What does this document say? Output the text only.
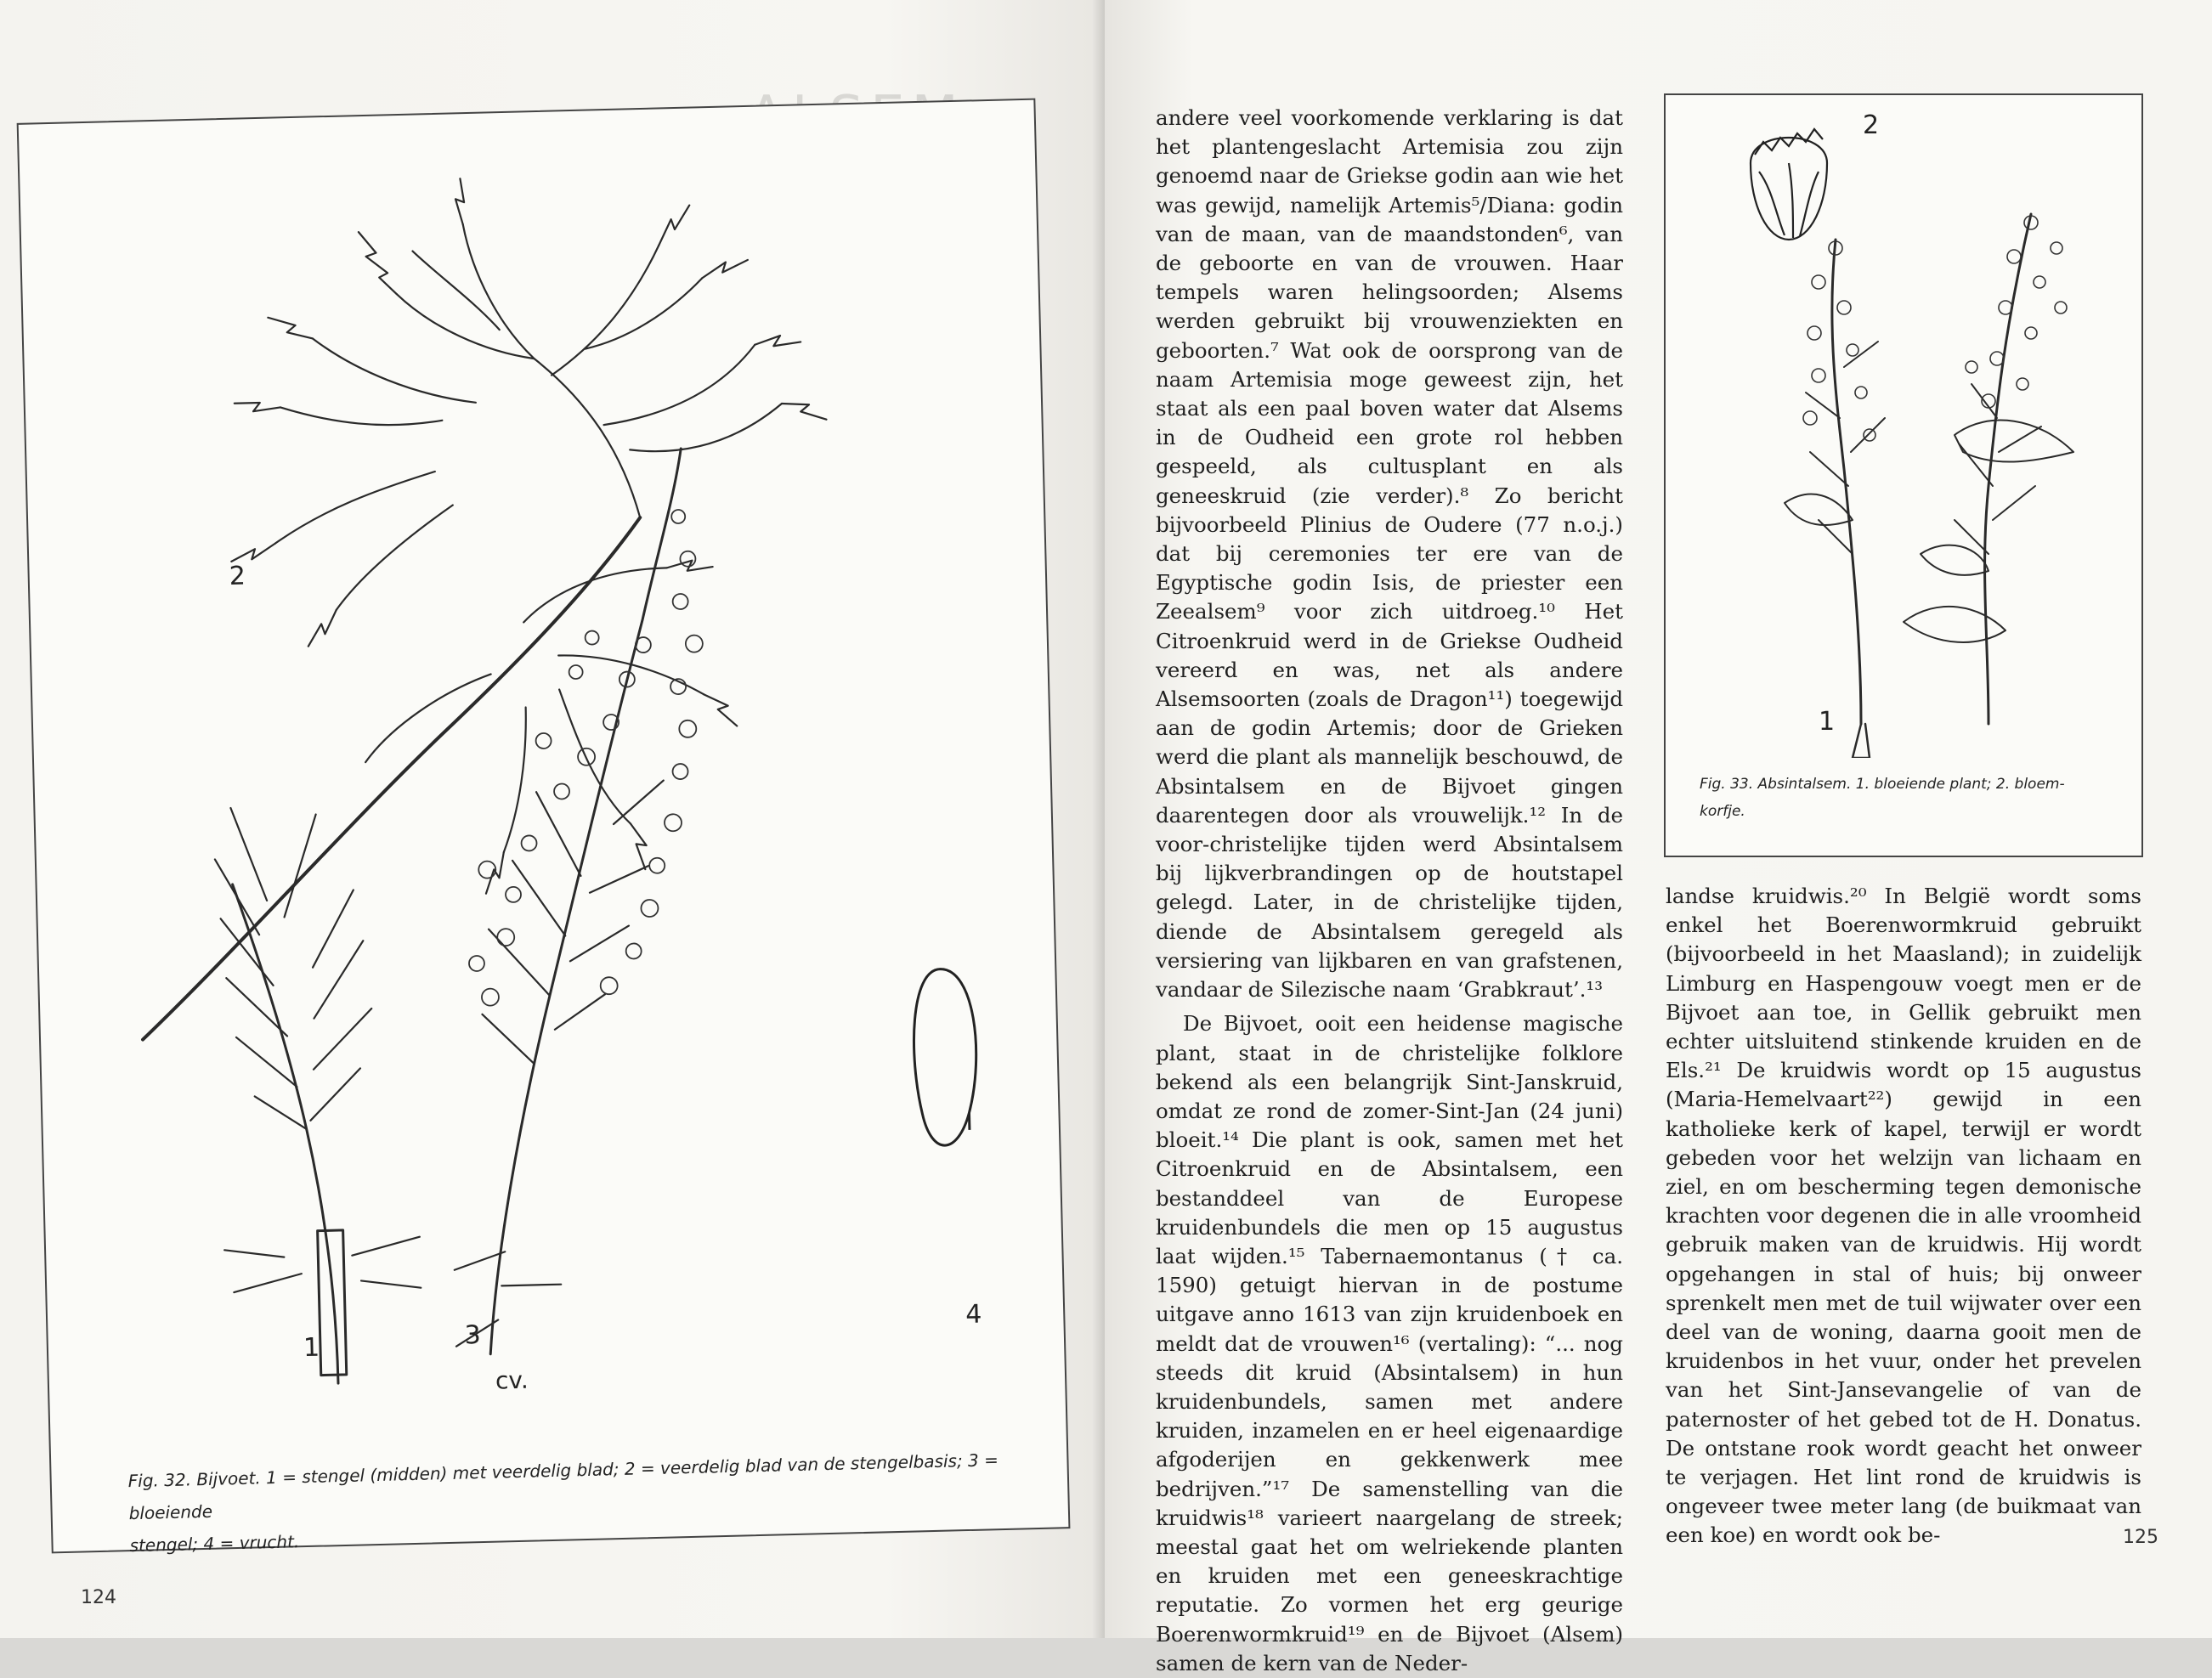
2
1	3
4
cv.
Fig. 32. Bijvoet. 1 = stengel (midden) met veerdelig blad; 2 = veerdelig blad van de stengelbasis; 3 = bloeiende
stengel; 4 = vrucht.
124

andere veel voorkomende verklaring is dat het plantengeslacht Artemisia zou zijn genoemd naar de Griekse godin aan wie het was gewijd, namelijk Artemis⁵/Diana: godin van de maan, van de maandstonden⁶, van de geboorte en van de vrouwen. Haar tempels waren helingsoorden; Alsems werden gebruikt bij vrouwenziekten en geboorten.⁷ Wat ook de oorsprong van de naam Artemisia moge geweest zijn, het staat als een paal boven water dat Alsems in de Oudheid een grote rol hebben gespeeld, als cultusplant en als geneeskruid (zie verder).⁸ Zo bericht bijvoorbeeld Plinius de Oudere (77 n.o.j.) dat bij ceremonies ter ere van de Egyptische godin Isis, de priester een Zeealsem⁹ voor zich uitdroeg.¹⁰ Het Citroenkruid werd in de Griekse Oudheid vereerd en was, net als andere Alsemsoorten (zoals de Dragon¹¹) toegewijd aan de godin Artemis; door de Grieken werd die plant als mannelijk beschouwd, de Absintalsem en de Bijvoet gingen daarentegen door als vrouwelijk.¹² In de voor-christelijke tijden werd Absintalsem bij lijkverbrandingen op de houtstapel gelegd. Later, in de christelijke tijden, diende de Absintalsem geregeld als versiering van lijkbaren en van grafstenen, vandaar de Silezische naam ‘Grabkraut’.¹³

De Bijvoet, ooit een heidense magische plant, staat in de christelijke folklore bekend als een belangrijk Sint-Janskruid, omdat ze rond de zomer-Sint-Jan (24 juni) bloeit.¹⁴ Die plant is ook, samen met het Citroenkruid en de Absintalsem, een bestanddeel van de Europese kruidenbundels die men op 15 augustus laat wijden.¹⁵ Tabernaemontanus († ca. 1590) getuigt hiervan in de postume uitgave anno 1613 van zijn kruidenboek en meldt dat de vrouwen¹⁶ (vertaling): “... nog steeds dit kruid (Absintalsem) in hun kruidenbundels, samen met andere kruiden, inzamelen en er heel eigenaardige afgoderijen en gekkenwerk mee bedrijven.”¹⁷ De samenstelling van die kruidwis¹⁸ varieert naargelang de streek; meestal gaat het om welriekende planten en kruiden met een geneeskrachtige reputatie. Zo vormen het erg geurige Boerenwormkruid¹⁹ en de Bijvoet (Alsem) samen de kern van de Neder-

2
1
Fig. 33. Absintalsem. 1. bloeiende plant; 2. bloem-
korfje.

landse kruidwis.²⁰ In België wordt soms enkel het Boerenwormkruid gebruikt (bijvoorbeeld in het Maasland); in zuidelijk Limburg en Haspengouw voegt men er de Bijvoet aan toe, in Gellik gebruikt men echter uitsluitend stinkende kruiden en de Els.²¹ De kruidwis wordt op 15 augustus (Maria-Hemelvaart²²) gewijd in een katholieke kerk of kapel, terwijl er wordt gebeden voor het welzijn van lichaam en ziel, en om bescherming tegen demonische krachten voor degenen die in alle vroomheid gebruik maken van de kruidwis. Hij wordt opgehangen in stal of huis; bij onweer sprenkelt men met de tuil wijwater over een deel van de woning, daarna gooit men de kruidenbos in het vuur, onder het prevelen van het Sint-Jansevangelie of van de paternoster of het gebed tot de H. Donatus. De ontstane rook wordt geacht het onweer te verjagen. Het lint rond de kruidwis is ongeveer twee meter lang (de buikmaat van een koe) en wordt ook be-	125
